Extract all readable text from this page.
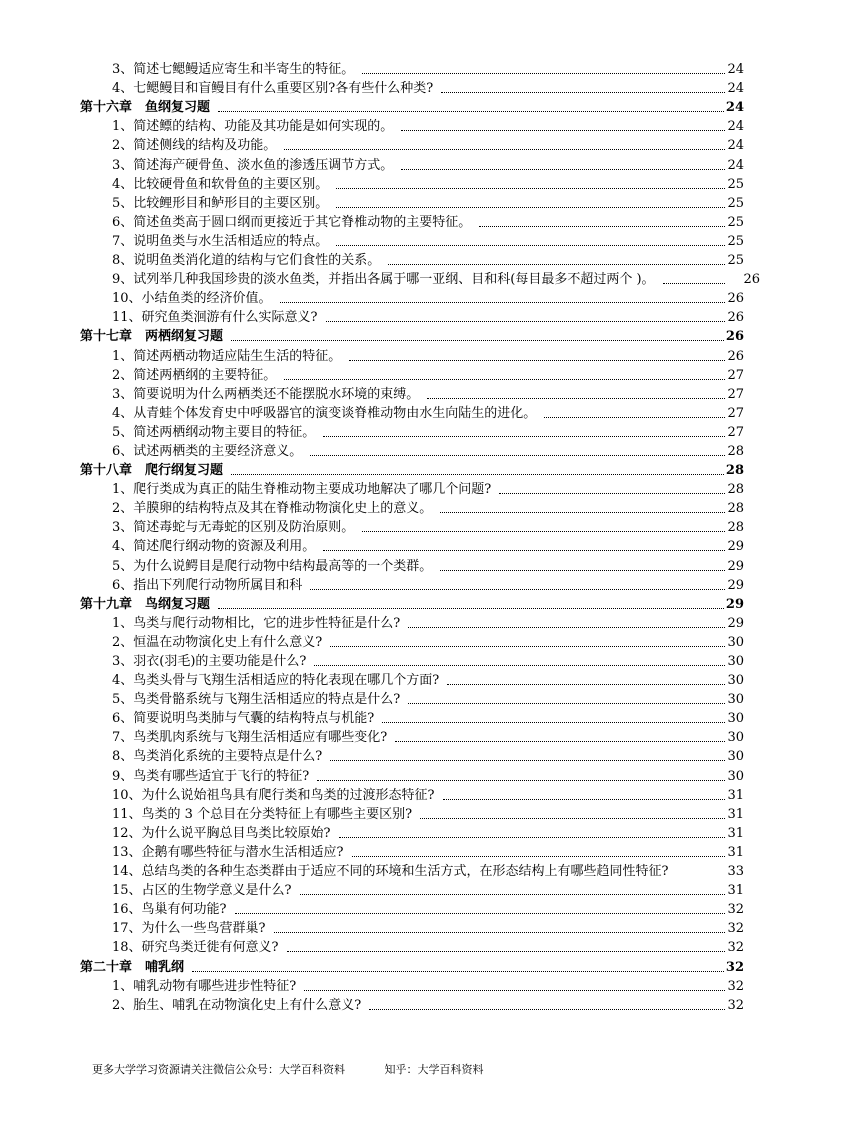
3、简述七鳃鳗适应寄生和半寄生的特征。	24
4、七鳃鳗目和盲鳗目有什么重要区别?各有些什么种类?	24
第十六章　鱼纲复习题	24
1、简述鳔的结构、功能及其功能是如何实现的。	24
2、简述侧线的结构及功能。	24
3、简述海产硬骨鱼、淡水鱼的渗透压调节方式。	24
4、比较硬骨鱼和软骨鱼的主要区别。	25
5、比较鲤形目和鲈形目的主要区别。	25
6、简述鱼类高于圆口纲而更接近于其它脊椎动物的主要特征。	25
7、说明鱼类与水生活相适应的特点。	25
8、说明鱼类消化道的结构与它们食性的关系。	25
9、试列举几种我国珍贵的淡水鱼类，并指出各属于哪一亚纲、目和科(每目最多不超过两个 )。	26
10、小结鱼类的经济价值。	26
11、研究鱼类洄游有什么实际意义?	26
第十七章　两栖纲复习题	26
1、简述两栖动物适应陆生生活的特征。	26
2、简述两栖纲的主要特征。	27
3、简要说明为什么两栖类还不能摆脱水环境的束缚。	27
4、从青蛙个体发育史中呼吸器官的演变谈脊椎动物由水生向陆生的进化。	27
5、简述两栖纲动物主要目的特征。	27
6、试述两栖类的主要经济意义。	28
第十八章　爬行纲复习题	28
1、爬行类成为真正的陆生脊椎动物主要成功地解决了哪几个问题?	28
2、羊膜卵的结构特点及其在脊椎动物演化史上的意义。	28
3、简述毒蛇与无毒蛇的区别及防治原则。	28
4、简述爬行纲动物的资源及利用。	29
5、为什么说鳄目是爬行动物中结构最高等的一个类群。	29
6、指出下列爬行动物所属目和科	29
第十九章　鸟纲复习题	29
1、鸟类与爬行动物相比，它的进步性特征是什么?	29
2、恒温在动物演化史上有什么意义?	30
3、羽衣(羽毛)的主要功能是什么?	30
4、鸟类头骨与飞翔生活相适应的特化表现在哪几个方面?	30
5、鸟类骨骼系统与飞翔生活相适应的特点是什么?	30
6、简要说明鸟类肺与气囊的结构特点与机能?	30
7、鸟类肌肉系统与飞翔生活相适应有哪些变化?	30
8、鸟类消化系统的主要特点是什么?	30
9、鸟类有哪些适宜于飞行的特征?	30
10、为什么说始祖鸟具有爬行类和鸟类的过渡形态特征?	31
11、鸟类的 3 个总目在分类特征上有哪些主要区别?	31
12、为什么说平胸总目鸟类比较原始?	31
13、企鹅有哪些特征与潜水生活相适应?	31
14、总结鸟类的各种生态类群由于适应不同的环境和生活方式，在形态结构上有哪些趋同性特征?	33
15、占区的生物学意义是什么?	31
16、鸟巢有何功能?	32
17、为什么一些鸟营群巢?	32
18、研究鸟类迁徙有何意义?	32
第二十章　哺乳纲	32
1、哺乳动物有哪些进步性特征?	32
2、胎生、哺乳在动物演化史上有什么意义?	32
更多大学学习资源请关注微信公众号：大学百科资料	知乎：大学百科资料
